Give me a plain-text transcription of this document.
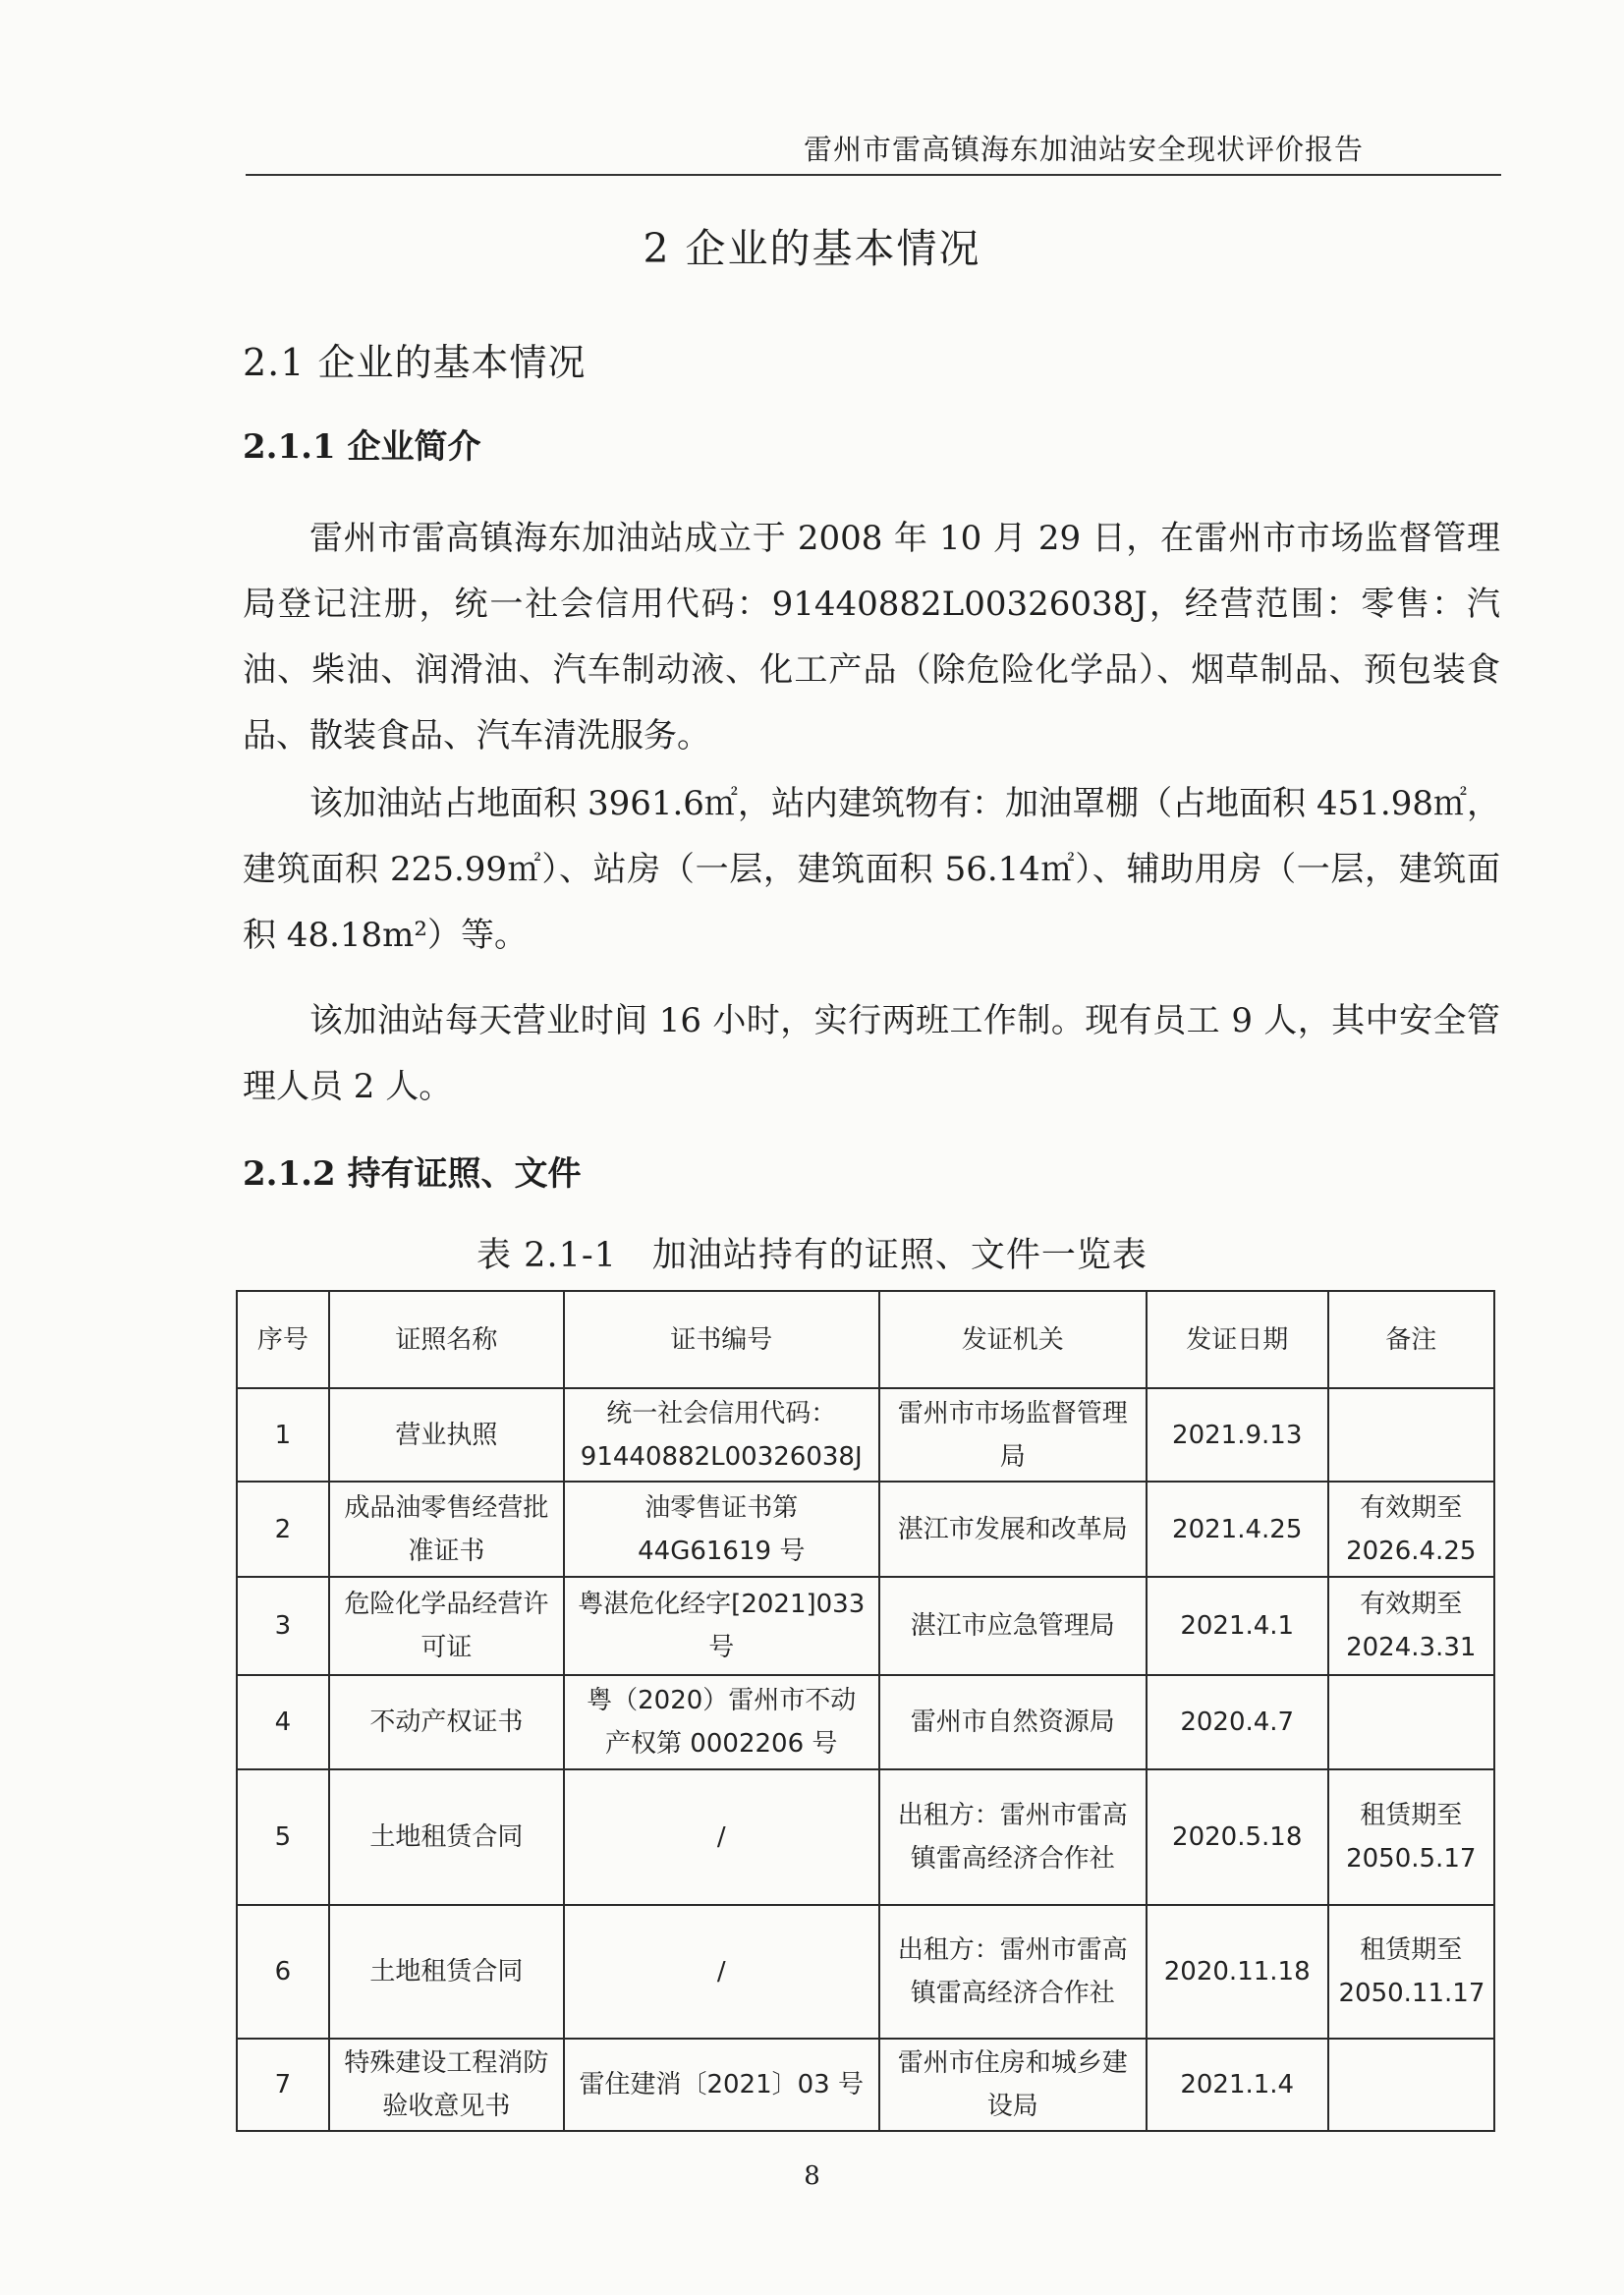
雷州市雷高镇海东加油站安全现状评价报告
2 企业的基本情况
2.1 企业的基本情况
2.1.1 企业简介

雷州市雷高镇海东加油站成立于 2008 年 10 月 29 日，在雷州市市场监督管理局登记注册，统一社会信用代码：91440882L00326038J，经营范围：零售：汽油、柴油、润滑油、汽车制动液、化工产品（除危险化学品）、烟草制品、预包装食品、散装食品、汽车清洗服务。

该加油站占地面积 3961.6㎡，站内建筑物有：加油罩棚（占地面积 451.98㎡，建筑面积 225.99㎡）、站房（一层，建筑面积 56.14㎡）、辅助用房（一层，建筑面积 48.18m²）等。

该加油站每天营业时间 16 小时，实行两班工作制。现有员工 9 人，其中安全管理人员 2 人。

2.1.2 持有证照、文件
表 2.1-1　加油站持有的证照、文件一览表
序号	证照名称	证书编号	发证机关	发证日期	备注
1	营业执照	统一社会信用代码：91440882L00326038J	雷州市市场监督管理局	2021.9.13	
2	成品油零售经营批准证书	油零售证书第 44G61619 号	湛江市发展和改革局	2021.4.25	有效期至 2026.4.25
3	危险化学品经营许可证	粤湛危化经字[2021]033 号	湛江市应急管理局	2021.4.1	有效期至 2024.3.31
4	不动产权证书	粤（2020）雷州市不动产权第 0002206 号	雷州市自然资源局	2020.4.7	
5	土地租赁合同	/	出租方：雷州市雷高镇雷高经济合作社	2020.5.18	租赁期至 2050.5.17
6	土地租赁合同	/	出租方：雷州市雷高镇雷高经济合作社	2020.11.18	租赁期至 2050.11.17
7	特殊建设工程消防验收意见书	雷住建消〔2021〕03 号	雷州市住房和城乡建设局	2021.1.4	
8
